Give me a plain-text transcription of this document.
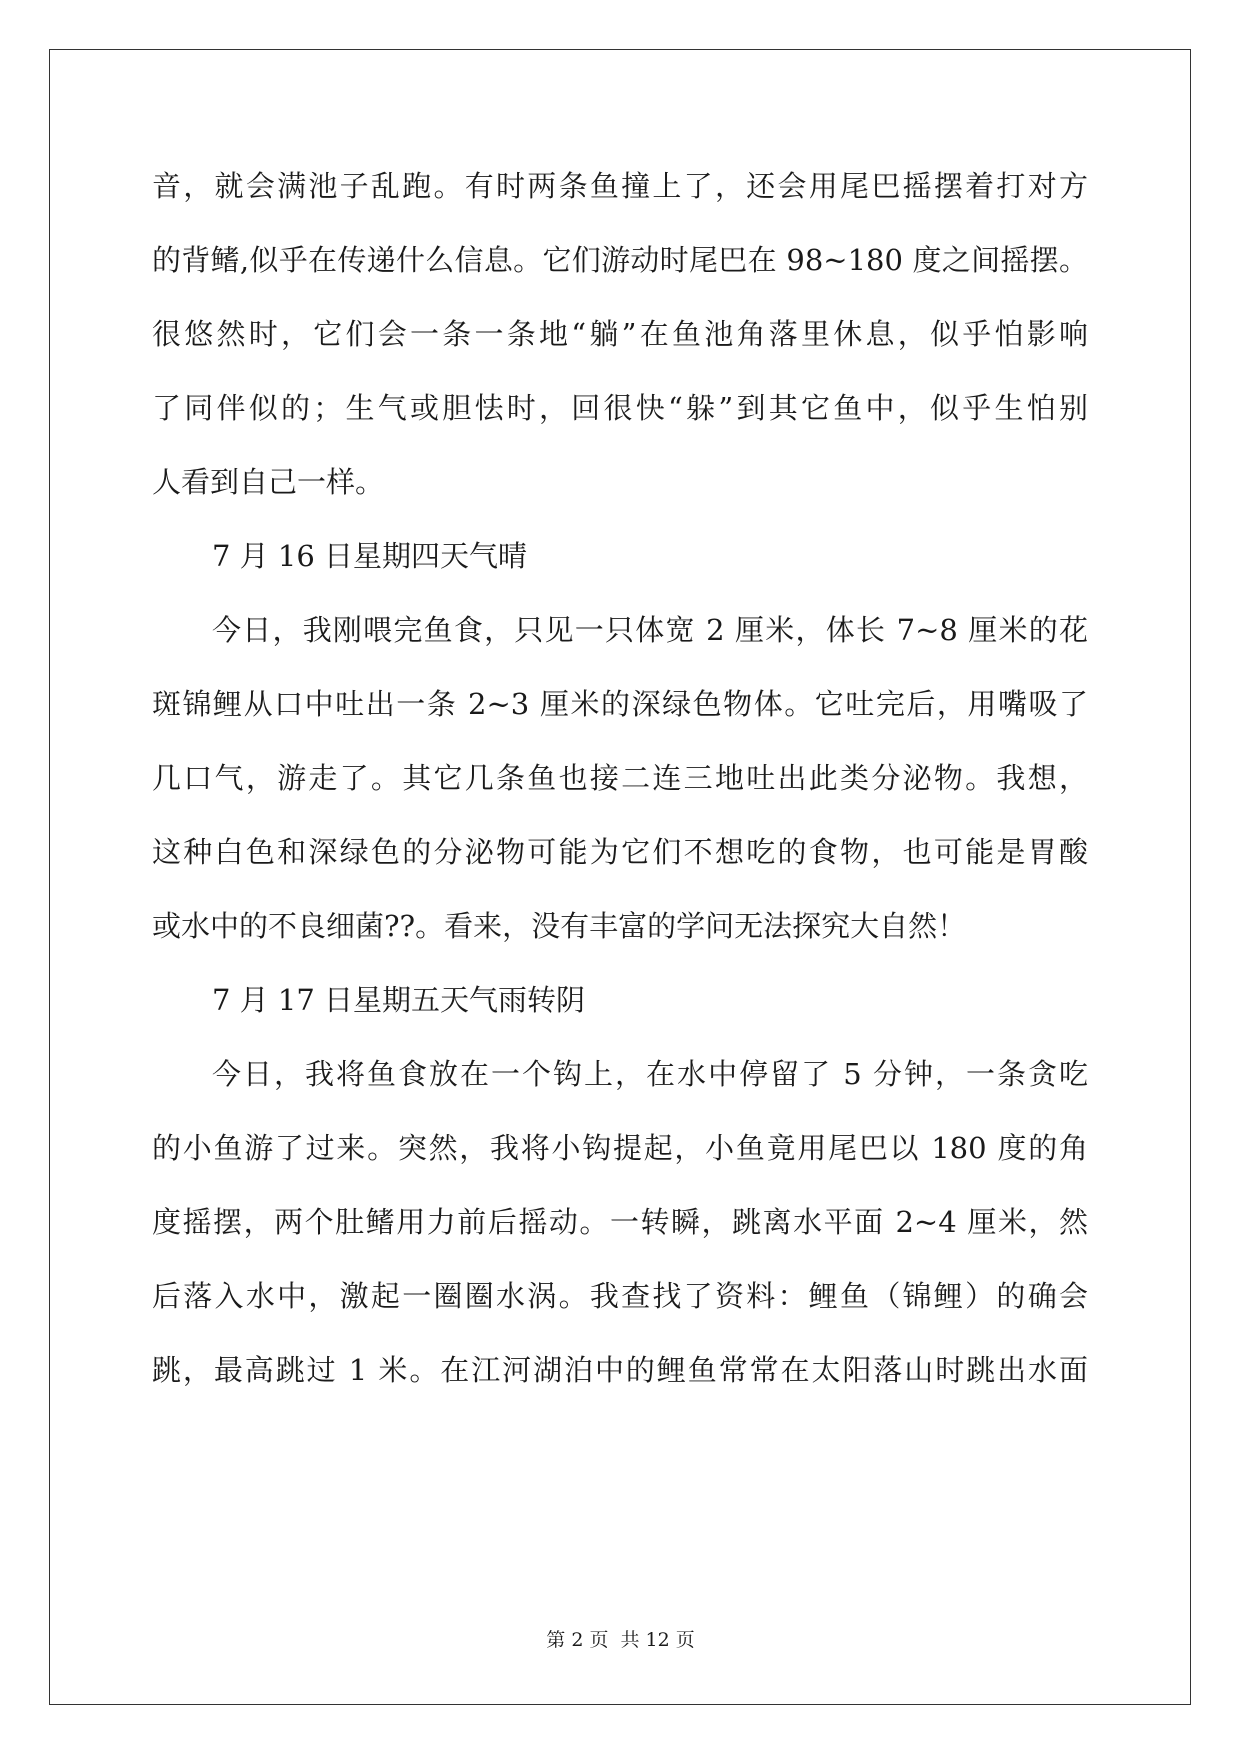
音，就会满池子乱跑。有时两条鱼撞上了，还会用尾巴摇摆着打对方
的背鳍,似乎在传递什么信息。它们游动时尾巴在 98~180 度之间摇摆。
很悠然时，它们会一条一条地“躺”在鱼池角落里休息，似乎怕影响
了同伴似的；生气或胆怯时，回很快“躲”到其它鱼中，似乎生怕别
人看到自己一样。
7 月 16 日星期四天气晴
今日，我刚喂完鱼食，只见一只体宽 2 厘米，体长 7~8 厘米的花
斑锦鲤从口中吐出一条 2~3 厘米的深绿色物体。它吐完后，用嘴吸了
几口气，游走了。其它几条鱼也接二连三地吐出此类分泌物。我想，
这种白色和深绿色的分泌物可能为它们不想吃的食物，也可能是胃酸
或水中的不良细菌??。看来，没有丰富的学问无法探究大自然！
7 月 17 日星期五天气雨转阴
今日，我将鱼食放在一个钩上，在水中停留了 5 分钟，一条贪吃
的小鱼游了过来。突然，我将小钩提起，小鱼竟用尾巴以 180 度的角
度摇摆，两个肚鳍用力前后摇动。一转瞬，跳离水平面 2~4 厘米，然
后落入水中，激起一圈圈水涡。我查找了资料：鲤鱼（锦鲤）的确会
跳，最高跳过 1 米。在江河湖泊中的鲤鱼常常在太阳落山时跳出水面
第 2 页 共 12 页
